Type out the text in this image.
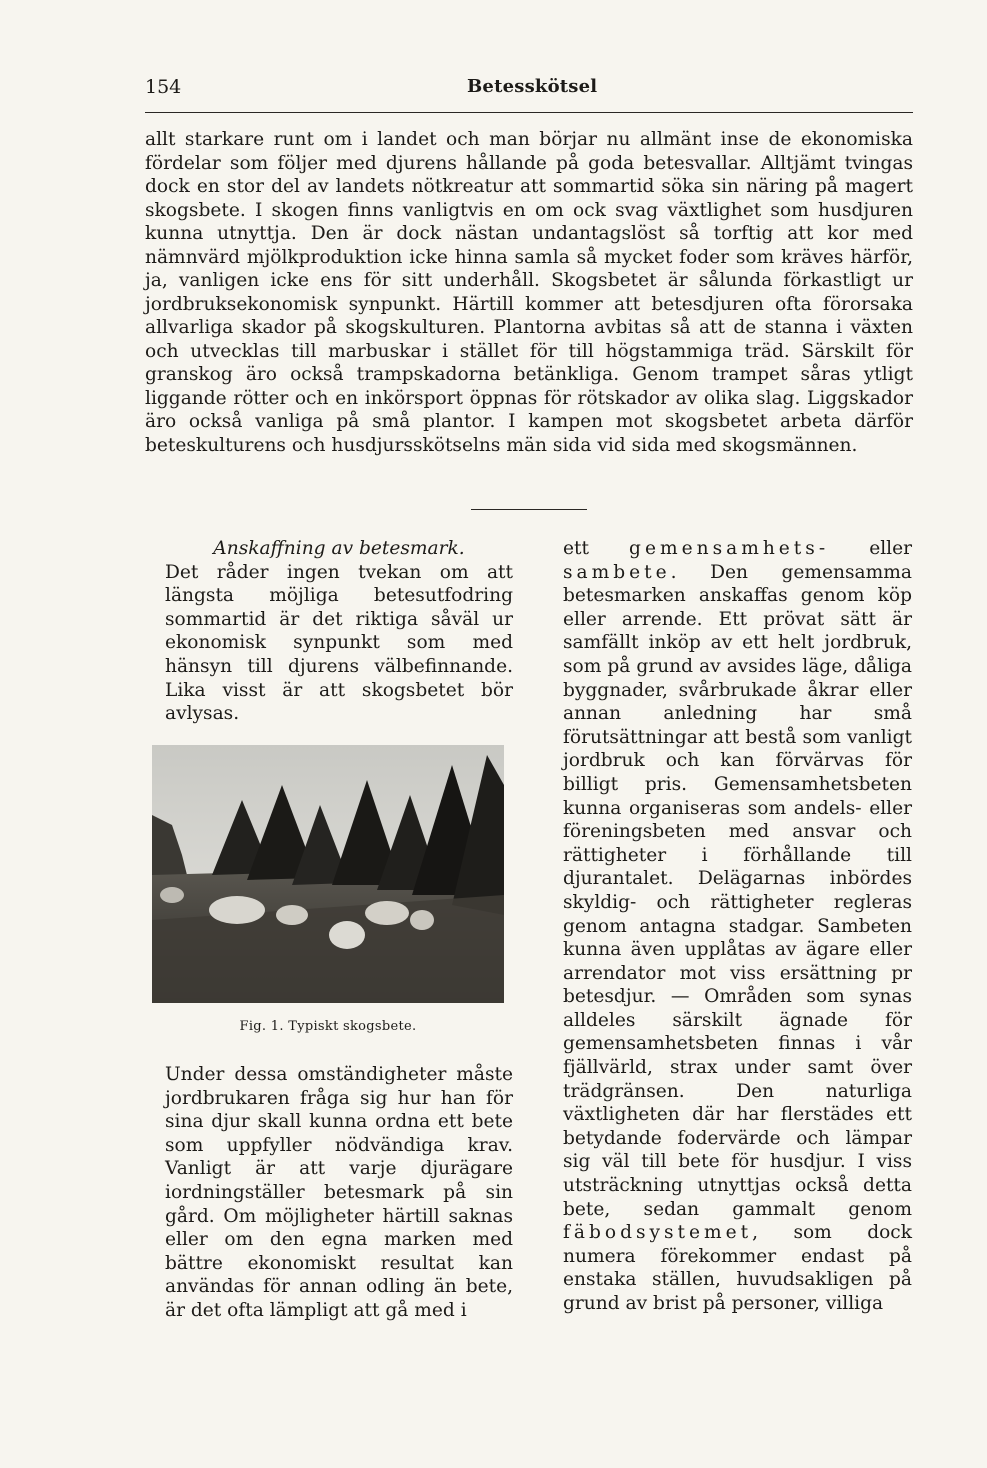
154	Betesskötsel

allt starkare runt om i landet och man börjar nu allmänt inse de ekonomiska fördelar som följer med djurens hållande på goda betesvallar. Alltjämt tvingas dock en stor del av landets nötkreatur att sommartid söka sin näring på magert skogsbete. I skogen finns vanligtvis en om ock svag växtlighet som husdjuren kunna utnyttja. Den är dock nästan undantagslöst så torftig att kor med nämnvärd mjölkproduktion icke hinna samla så mycket foder som kräves härför, ja, vanligen icke ens för sitt underhåll. Skogsbetet är sålunda förkastligt ur jordbruksekonomisk synpunkt. Härtill kommer att betesdjuren ofta förorsaka allvarliga skador på skogskulturen. Plantorna avbitas så att de stanna i växten och utvecklas till marbuskar i stället för till högstammiga träd. Särskilt för granskog äro också trampskadorna betänkliga. Genom trampet såras ytligt liggande rötter och en inkörsport öppnas för rötskador av olika slag. Liggskador äro också vanliga på små plantor. I kampen mot skogsbetet arbeta därför beteskulturens och husdjursskötselns män sida vid sida med skogsmännen.

Anskaffning av betesmark.

Det råder ingen tvekan om att längsta möjliga betesutfodring sommartid är det riktiga såväl ur ekonomisk synpunkt som med hänsyn till djurens välbefinnande. Lika visst är att skogsbetet bör avlysas.

Fig. 1. Typiskt skogsbete.

Under dessa omständigheter måste jordbrukaren fråga sig hur han för sina djur skall kunna ordna ett bete som uppfyller nödvändiga krav. Vanligt är att varje djurägare iordningställer betesmark på sin gård. Om möjligheter härtill saknas eller om den egna marken med bättre ekonomiskt resultat kan användas för annan odling än bete, är det ofta lämpligt att gå med i

ett gemensamhets- eller sambete. Den gemensamma betesmarken anskaffas genom köp eller arrende. Ett prövat sätt är samfällt inköp av ett helt jordbruk, som på grund av avsides läge, dåliga byggnader, svårbrukade åkrar eller annan anledning har små förutsättningar att bestå som vanligt jordbruk och kan förvärvas för billigt pris. Gemensamhetsbeten kunna organiseras som andels- eller föreningsbeten med ansvar och rättigheter i förhållande till djurantalet. Delägarnas inbördes skyldig- och rättigheter regleras genom antagna stadgar. Sambeten kunna även upplåtas av ägare eller arrendator mot viss ersättning pr betesdjur. — Områden som synas alldeles särskilt ägnade för gemensamhetsbeten finnas i vår fjällvärld, strax under samt över trädgränsen. Den naturliga växtligheten där har flerstädes ett betydande fodervärde och lämpar sig väl till bete för husdjur. I viss utsträckning utnyttjas också detta bete, sedan gammalt genom fäbodsystemet, som dock numera förekommer endast på enstaka ställen, huvudsakligen på grund av brist på personer, villiga
